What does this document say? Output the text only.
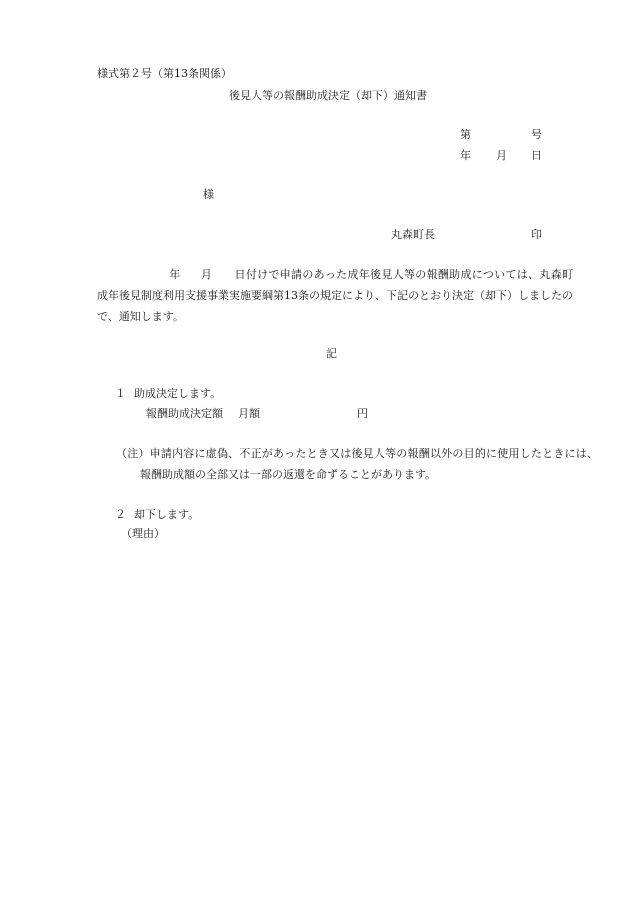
様式第２号（第13条関係）
後見人等の報酬助成決定（却下）通知書
第	号
年 月 日
様
丸森町長	印
年 月 日付けで申請のあった成年後見人等の報酬助成については、丸森町成年後見制度利用支援事業実施要綱第13条の規定により、下記のとおり決定（却下）しましたので、通知します。
記
１ 助成決定します。
報酬助成決定額 月額	円
（注）申請内容に虚偽、不正があったとき又は後見人等の報酬以外の目的に使用したときには、報酬助成額の全部又は一部の返還を命ずることがあります。
２ 却下します。
（理由）
